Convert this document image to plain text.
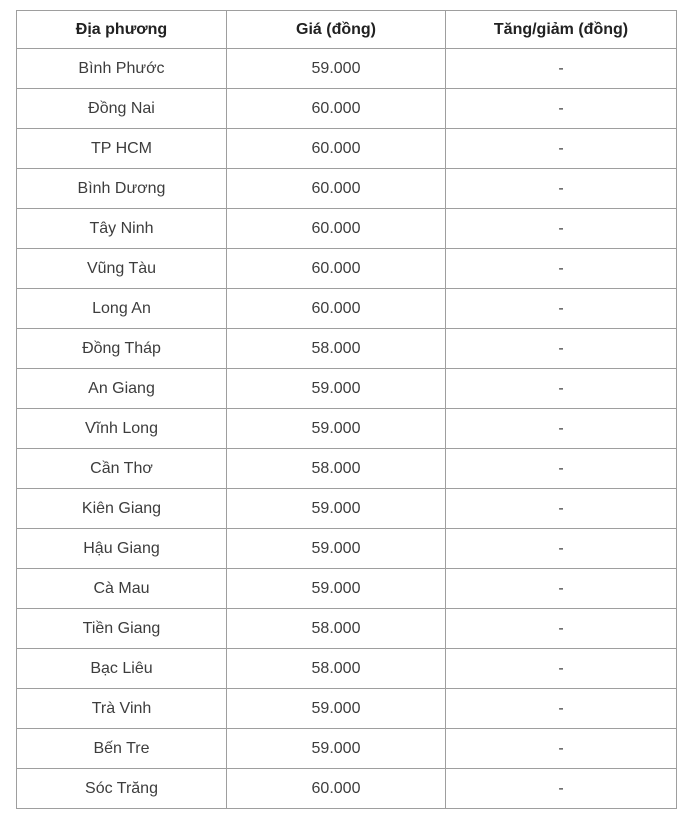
Địa phương	Giá (đồng)	Tăng/giảm (đồng)
Bình Phước	59.000	-
Đồng Nai	60.000	-
TP HCM	60.000	-
Bình Dương	60.000	-
Tây Ninh	60.000	-
Vũng Tàu	60.000	-
Long An	60.000	-
Đồng Tháp	58.000	-
An Giang	59.000	-
Vĩnh Long	59.000	-
Cần Thơ	58.000	-
Kiên Giang	59.000	-
Hậu Giang	59.000	-
Cà Mau	59.000	-
Tiền Giang	58.000	-
Bạc Liêu	58.000	-
Trà Vinh	59.000	-
Bến Tre	59.000	-
Sóc Trăng	60.000	-
